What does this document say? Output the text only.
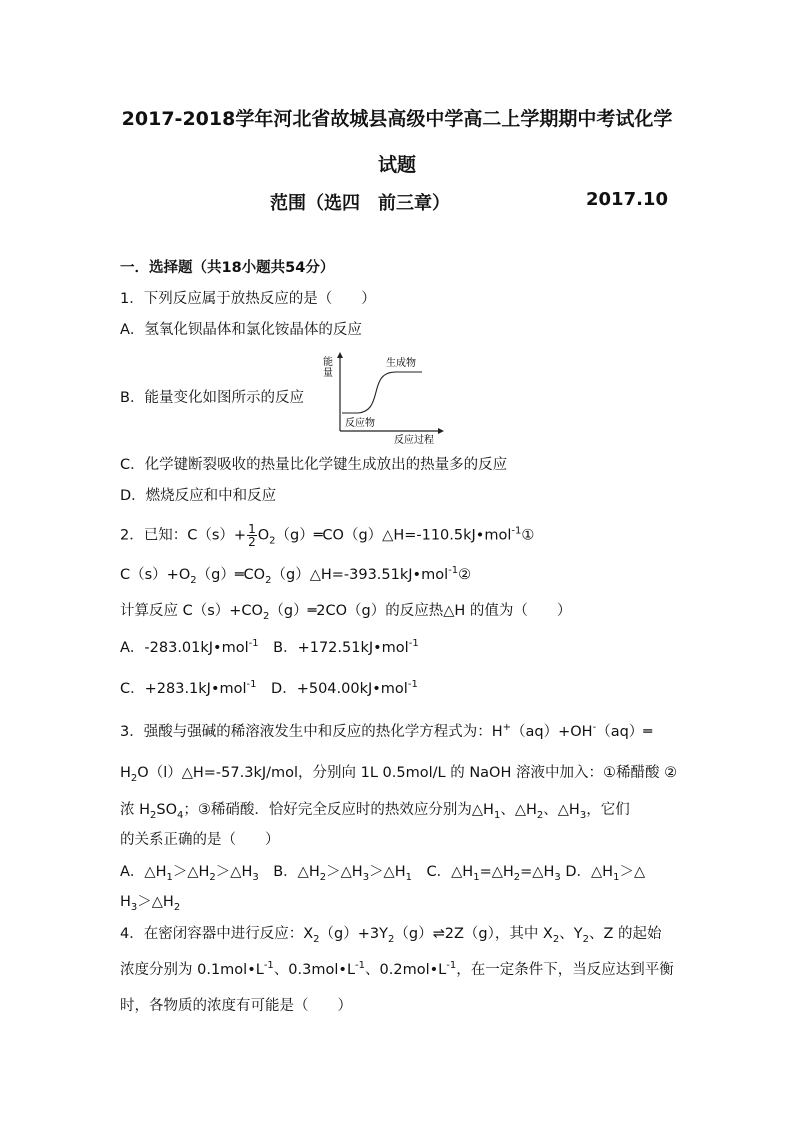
2017-2018学年河北省故城县高级中学高二上学期期中考试化学
试题
范围（选四　前三章）	2017.10
一．选择题（共18小题共54分）
1．下列反应属于放热反应的是（　　）
A．氢氧化钡晶体和氯化铵晶体的反应
B．能量变化如图所示的反应
能
量
生成物
反应物
反应过程
C．化学键断裂吸收的热量比化学键生成放出的热量多的反应
D．燃烧反应和中和反应
2．已知：$C(s)+ \frac{1}{2}$ $O_2(g)═CO(g)\triangle H=-110.5kJ•mol^{-1}①$
$C(s)+O_2(g)═CO_2(g)\triangle H=-393.51kJ•mol^{-1}②$
计算反应 $C(s)+CO_2(g)═2CO(g)$的反应热△H 的值为（　　）
A．-283.01kJ•mol$^{-1}$　 B．+172.51kJ•mol$^{-1}$
C．+283.1kJ•mol$^{-1}$　 D．+504.00kJ•mol$^{-1}$
3．强酸与强碱的稀溶液发生中和反应的热化学方程式为：H+（aq）+OH-（aq）═
$H_2O(l)\triangle H=-57.3kJ$/mol，分别向 1L 0.5mol/L 的 NaOH 溶液中加入：①稀醋酸 ②
浓 $H_2SO_4$；③稀硝酸．恰好完全反应时的热效应分别为$\triangle H_1$、$\triangle H_2$、$\triangle H_3$，它们
的关系正确的是（　　）
A．$\triangle H_1>\triangle H_2>\triangle H_3$　 B．$\triangle H_2>\triangle H_3>\triangle H_1$　 C．$\triangle H_1=\triangle H_2=\triangle H_3$ D．$\triangle H_1>\triangle$
$H_3>\triangle H_2$
4．在密闭容器中进行反应：$X_2(g)+3Y_2(g)\rightleftharpoons 2Z(g)$，其中 $X_2$、$Y_2$、Z 的起始
浓度分别为 $0.1mol•L^{-1}$、$0.3mol•L^{-1}$、$0.2mol•L^{-1}$，在一定条件下，当反应达到平衡
时，各物质的浓度有可能是（　　）
